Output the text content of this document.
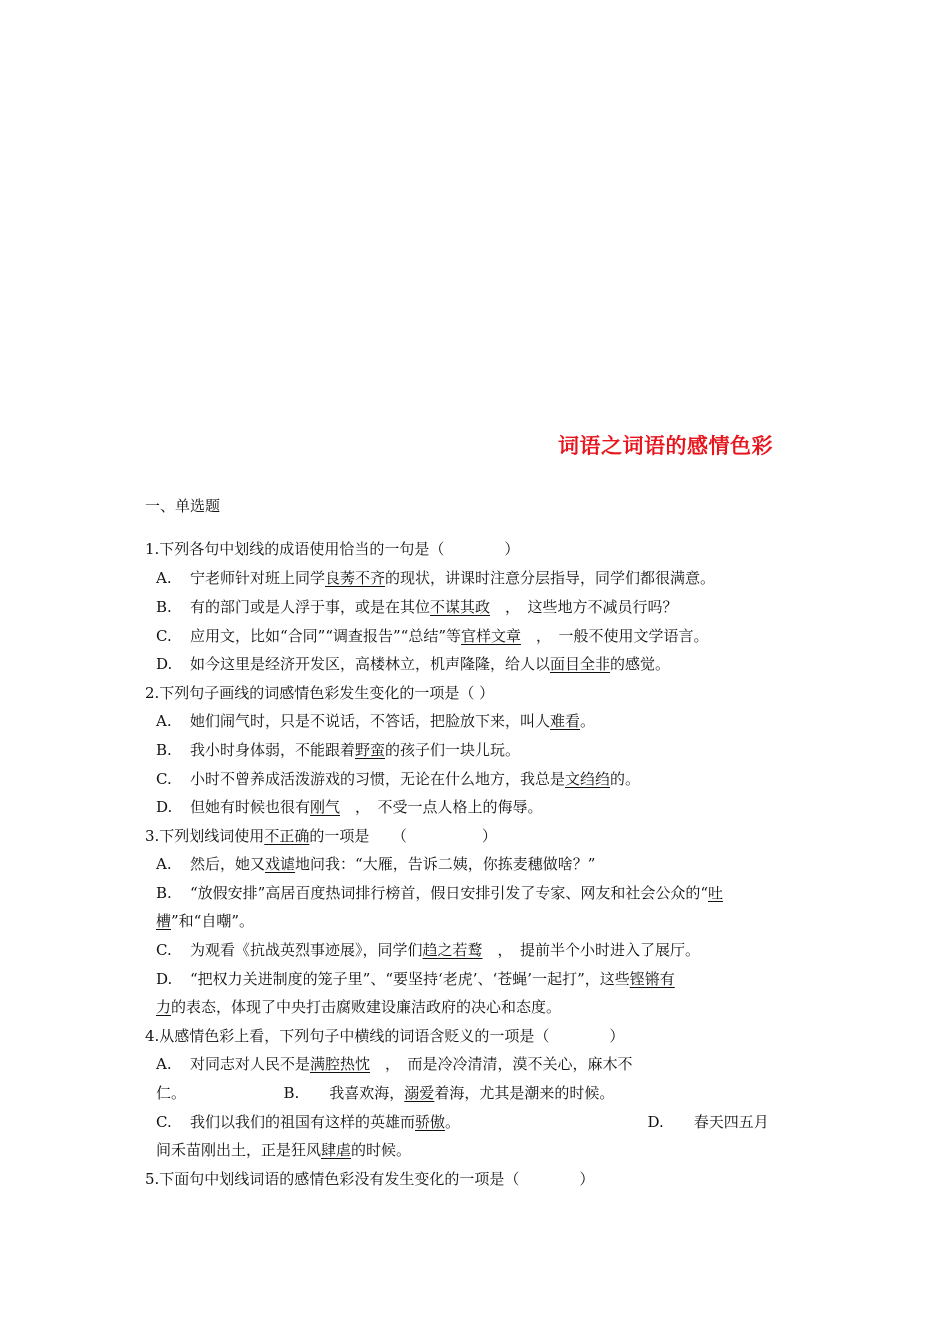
词语之词语的感情色彩
一、单选题
1.下列各句中划线的成语使用恰当的一句是（　　　　）
A. 宁老师针对班上同学良莠不齐的现状，讲课时注意分层指导，同学们都很满意。
B. 有的部门或是人浮于事，或是在其位不谋其政　，　这些地方不减员行吗？
C. 应用文，比如“合同”“调查报告”“总结”等官样文章　，　一般不使用文学语言。
D. 如今这里是经济开发区，高楼林立，机声隆隆，给人以面目全非的感觉。
2.下列句子画线的词感情色彩发生变化的一项是（ ）
A. 她们闹气时，只是不说话，不答话，把脸放下来，叫人难看。
B. 我小时身体弱，不能跟着野蛮的孩子们一块儿玩。
C. 小时不曾养成活泼游戏的习惯，无论在什么地方，我总是文绉绉的。
D. 但她有时候也很有刚气　，　不受一点人格上的侮辱。
3.下列划线词使用不正确的一项是　　（　　　　　）
A. 然后，她又戏谑地问我：“大雁，告诉二姨，你拣麦穗做啥？”
B. “放假安排”高居百度热词排行榜首，假日安排引发了专家、网友和社会公众的“吐
槽”和“自嘲”。
C. 为观看《抗战英烈事迹展》，同学们趋之若鹜　，　提前半个小时进入了展厅。
D. “把权力关进制度的笼子里”、“要坚持‘老虎’、‘苍蝇’一起打”，这些铿锵有
力的表态，体现了中央打击腐败建设廉洁政府的决心和态度。
4.从感情色彩上看，下列句子中横线的词语含贬义的一项是（　　　　）
A. 对同志对人民不是满腔热忱　，　而是冷冷清清，漠不关心，麻木不
仁。　　　　　　　B.　　我喜欢海，溺爱着海，尤其是潮来的时候。
C. 我们以我们的祖国有这样的英雄而骄傲。　　　　　　　　　　　　　D.　　春天四五月
间禾苗刚出土，正是狂风肆虐的时候。
5.下面句中划线词语的感情色彩没有发生变化的一项是（　　　　）
